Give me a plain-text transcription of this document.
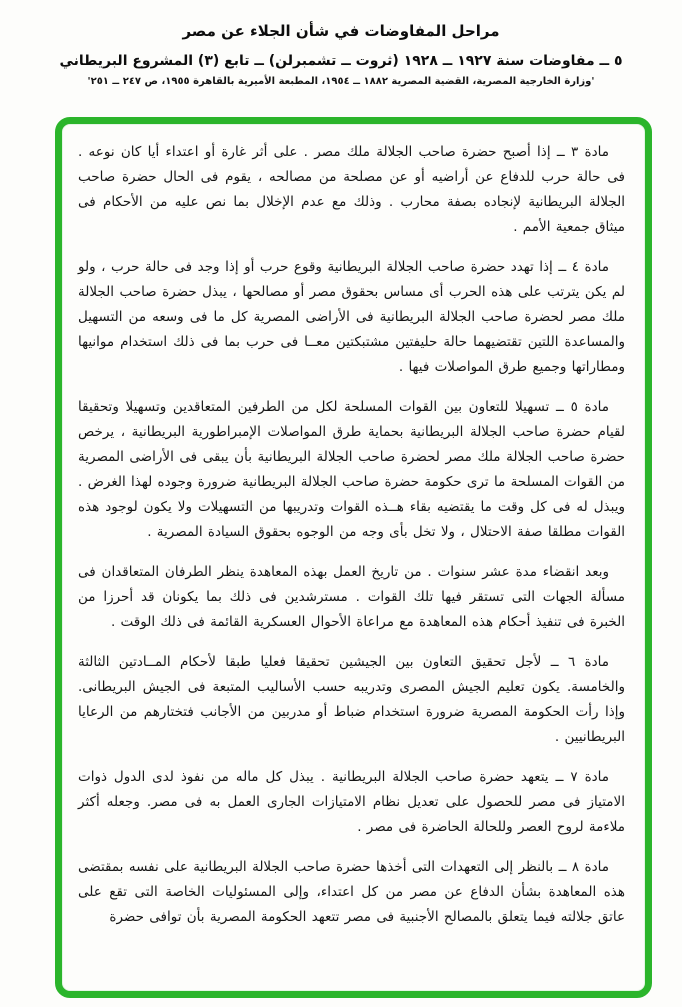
مراحل المفاوضات في شأن الجلاء عن مصر
٥ ــ مفاوضات سنة ١٩٢٧ ــ ١٩٢٨ (ثروت ــ تشمبرلن) ــ تابع (٣) المشروع البريطاني
'وزارة الخارجية المصرية، القضية المصرية ١٨٨٢ ــ ١٩٥٤، المطبعة الأميرية بالقاهرة ١٩٥٥، ص ٢٤٧ ــ ٢٥١'

مادة ٣ ــ إذا أصبح حضرة صاحب الجلالة ملك مصر . على أثر غارة أو اعتداء أيا كان نوعه . فى حالة حرب للدفاع عن أراضيه أو عن مصلحة من مصالحه ، يقوم فى الحال حضرة صاحب الجلالة البريطانية لإنجاده بصفة محارب . وذلك مع عدم الإخلال بما نص عليه من الأحكام فى ميثاق جمعية الأمم .

مادة ٤ ــ إذا تهدد حضرة صاحب الجلالة البريطانية وقوع حرب أو إذا وجد فى حالة حرب ، ولو لم يكن يترتب على هذه الحرب أى مساس بحقوق مصر أو مصالحها ، يبذل حضرة صاحب الجلالة ملك مصر لحضرة صاحب الجلالة البريطانية فى الأراضى المصرية كل ما فى وسعه من التسهيل والمساعدة اللتين تقتضيهما حالة حليفتين مشتبكتين معــا فى حرب بما فى ذلك استخدام موانيها ومطاراتها وجميع طرق المواصلات فيها .

مادة ٥ ــ تسهيلا للتعاون بين القوات المسلحة لكل من الطرفين المتعاقدين وتسهيلا وتحقيقا لقيام حضرة صاحب الجلالة البريطانية بحماية طرق المواصلات الإمبراطورية البريطانية ، يرخص حضرة صاحب الجلالة ملك مصر لحضرة صاحب الجلالة البريطانية بأن يبقى فى الأراضى المصرية من القوات المسلحة ما ترى حكومة حضرة صاحب الجلالة البريطانية ضرورة وجوده لهذا الغرض . ويبذل له فى كل وقت ما يقتضيه بقاء هــذه القوات وتدريبها من التسهيلات ولا يكون لوجود هذه القوات مطلقا صفة الاحتلال ، ولا تخل بأى وجه من الوجوه بحقوق السيادة المصرية .

وبعد انقضاء مدة عشر سنوات . من تاريخ العمل بهذه المعاهدة ينظر الطرفان المتعاقدان فى مسألة الجهات التى تستقر فيها تلك القوات . مسترشدين فى ذلك بما يكونان قد أحرزا من الخبرة فى تنفيذ أحكام هذه المعاهدة مع مراعاة الأحوال العسكرية القائمة فى ذلك الوقت .

مادة ٦ ــ لأجل تحقيق التعاون بين الجيشين تحقيقا فعليا طبقا لأحكام المــادتين الثالثة والخامسة. يكون تعليم الجيش المصرى وتدريبه حسب الأساليب المتبعة فى الجيش البريطانى. وإذا رأت الحكومة المصرية ضرورة استخدام ضباط أو مدربين من الأجانب فتختارهم من الرعايا البريطانيين .

مادة ٧ ــ يتعهد حضرة صاحب الجلالة البريطانية . يبذل كل ماله من نفوذ لدى الدول ذوات الامتياز فى مصر للحصول على تعديل نظام الامتيازات الجارى العمل به فى مصر. وجعله أكثر ملاءمة لروح العصر وللحالة الحاضرة فى مصر .

مادة ٨ ــ بالنظر إلى التعهدات التى أخذها حضرة صاحب الجلالة البريطانية على نفسه بمقتضى هذه المعاهدة بشأن الدفاع عن مصر من كل اعتداء، وإلى المسئوليات الخاصة التى تقع على عاتق جلالته فيما يتعلق بالمصالح الأجنبية فى مصر تتعهد الحكومة المصرية بأن توافى حضرة
